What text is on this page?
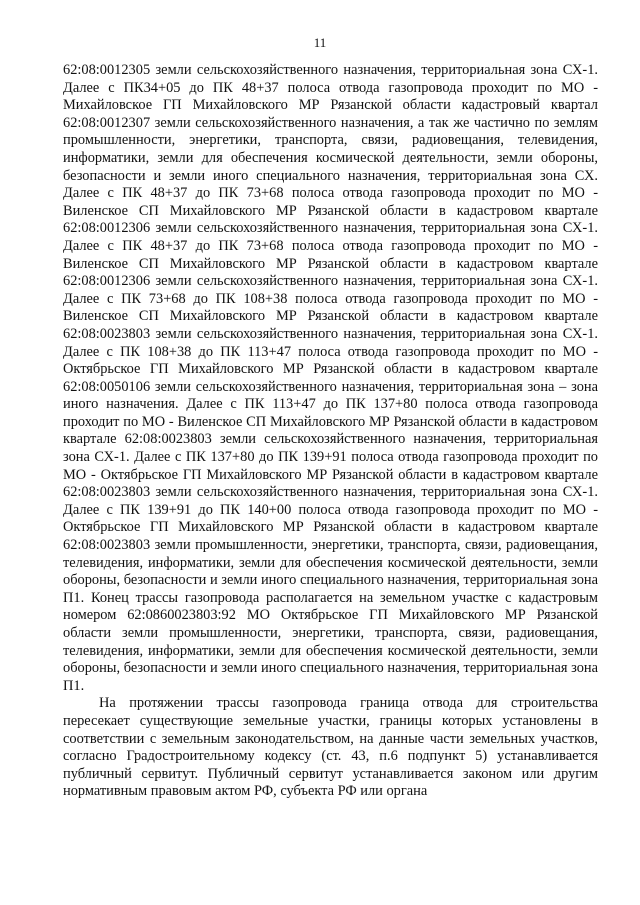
11

62:08:0012305 земли сельскохозяйственного назначения, территориальная зона СХ-1. Далее с ПК34+05 до ПК 48+37 полоса отвода газопровода проходит по МО - Михайловское ГП Михайловского МР Рязанской области кадастровый квартал 62:08:0012307 земли сельскохозяйственного назначения, а так же частично по землям промышленности, энергетики, транспорта, связи, радиовещания, телевидения, информатики, земли для обеспечения космической деятельности, земли обороны, безопасности и земли иного специального назначения, территориальная зона СХ. Далее с ПК 48+37 до ПК 73+68 полоса отвода газопровода проходит по МО - Виленское СП Михайловского МР Рязанской области в кадастровом квартале 62:08:0012306 земли сельскохозяйственного назначения, территориальная зона СХ-1. Далее с ПК 48+37 до ПК 73+68 полоса отвода газопровода проходит по МО - Виленское СП Михайловского МР Рязанской области в кадастровом квартале 62:08:0012306 земли сельскохозяйственного назначения, территориальная зона СХ-1. Далее с ПК 73+68 до ПК 108+38 полоса отвода газопровода проходит по МО - Виленское СП Михайловского МР Рязанской области в кадастровом квартале 62:08:0023803 земли сельскохозяйственного назначения, территориальная зона СХ-1. Далее с ПК 108+38 до ПК 113+47 полоса отвода газопровода проходит по МО - Октябрьское ГП Михайловского МР Рязанской области в кадастровом квартале 62:08:0050106 земли сельскохозяйственного назначения, территориальная зона – зона иного назначения. Далее с ПК 113+47 до ПК 137+80 полоса отвода газопровода проходит по МО - Виленское СП Михайловского МР Рязанской области в кадастровом квартале 62:08:0023803 земли сельскохозяйственного назначения, территориальная зона СХ-1. Далее с ПК 137+80 до ПК 139+91 полоса отвода газопровода проходит по МО - Октябрьское ГП Михайловского МР Рязанской области в кадастровом квартале 62:08:0023803 земли сельскохозяйственного назначения, территориальная зона СХ-1. Далее с ПК 139+91 до ПК 140+00 полоса отвода газопровода проходит по МО - Октябрьское ГП Михайловского МР Рязанской области в кадастровом квартале 62:08:0023803 земли промышленности, энергетики, транспорта, связи, радиовещания, телевидения, информатики, земли для обеспечения космической деятельности, земли обороны, безопасности и земли иного специального назначения, территориальная зона П1. Конец трассы газопровода располагается на земельном участке с кадастровым номером 62:0860023803:92 МО Октябрьское ГП Михайловского МР Рязанской области земли промышленности, энергетики, транспорта, связи, радиовещания, телевидения, информатики, земли для обеспечения космической деятельности, земли обороны, безопасности и земли иного специального назначения, территориальная зона П1.

На протяжении трассы газопровода граница отвода для строительства пересекает существующие земельные участки, границы которых установлены в соответствии с земельным законодательством, на данные части земельных участков, согласно Градостроительному кодексу (ст. 43, п.6 подпункт 5) устанавливается публичный сервитут. Публичный сервитут устанавливается законом или другим нормативным правовым актом РФ, субъекта РФ или органа
